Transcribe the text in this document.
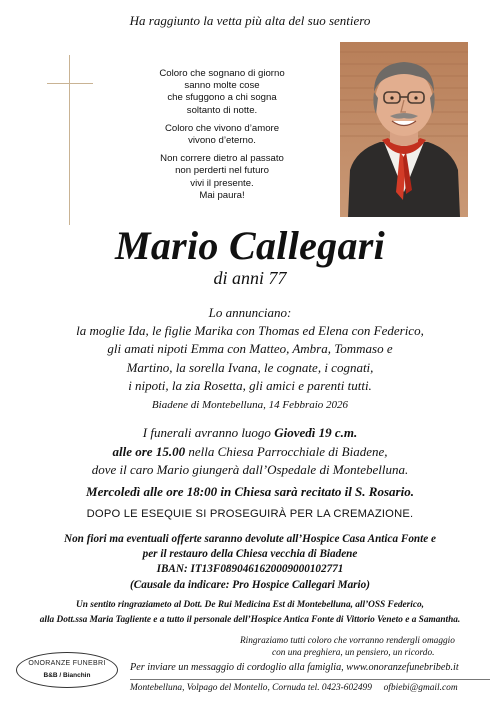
Ha raggiunto la vetta più alta del suo sentiero

Coloro che sognano di giorno
sanno molte cose
che sfuggono a chi sogna
soltanto di notte.

Coloro che vivono d’amore
vivono d’eterno.

Non correre dietro al passato
non perderti nel futuro
vivi il presente.
Mai paura!

Mario Callegari
di anni 77
Lo annunciano:
la moglie Ida, le figlie Marika con Thomas ed Elena con Federico,
gli amati nipoti Emma con Matteo, Ambra, Tommaso e
Martino, la sorella Ivana, le cognate, i cognati,
i nipoti, la zia Rosetta, gli amici e parenti tutti.
Biadene di Montebelluna, 14 Febbraio 2026
I funerali avranno luogo Giovedì 19 c.m.
alle ore 15.00 nella Chiesa Parrocchiale di Biadene,
dove il caro Mario giungerà dall’Ospedale di Montebelluna.
Mercoledì alle ore 18:00 in Chiesa sarà recitato il S. Rosario.
DOPO LE ESEQUIE SI PROSEGUIRÀ PER LA CREMAZIONE.
Non fiori ma eventuali offerte saranno devolute all’Hospice Casa Antica Fonte e
per il restauro della Chiesa vecchia di Biadene
IBAN: IT13F0890461620009000102771
(Causale da indicare: Pro Hospice Callegari Mario)
Un sentito ringraziameto al Dott. De Rui Medicina Est di Montebelluna, all’OSS Federico,
alla Dott.ssa Maria Tagliente e a tutto il personale dell’Hospice Antica Fonte di Vittorio Veneto e a Samantha.
Ringraziamo tutti coloro che vorranno rendergli omaggio
con una preghiera, un pensiero, un ricordo.
ONORANZE FUNEBRI
B&B / Bianchin
Per inviare un messaggio di cordoglio alla famiglia, www.onoranzefunebribeb.it
Montebelluna, Volpago del Montello, Cornuda tel. 0423-602499     ofbiebi@gmail.com
